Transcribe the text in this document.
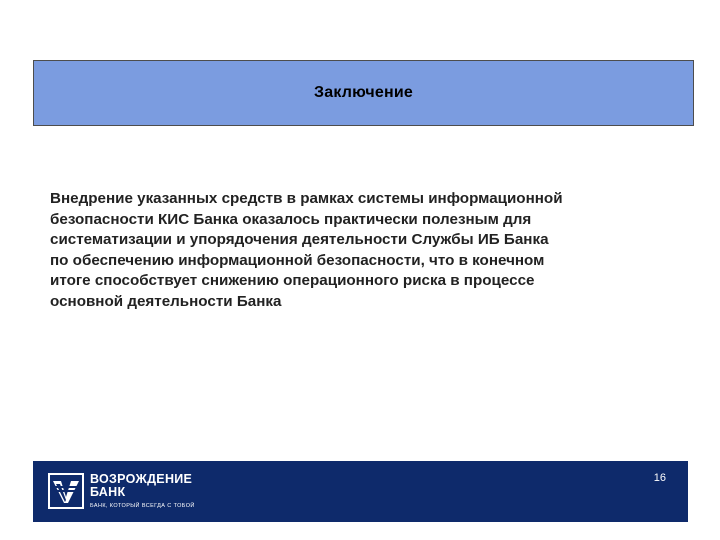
Заключение

Внедрение указанных средств в рамках системы информационной
безопасности КИС Банка оказалось практически полезным для
систематизации и упорядочения деятельности Службы ИБ Банка
по обеспечению информационной безопасности, что в конечном
итоге способствует снижению операционного риска в процессе
основной деятельности Банка

ВОЗРОЖДЕНИЕ
БАНК
БАНК, КОТОРЫЙ ВСЕГДА С ТОБОЙ
16
